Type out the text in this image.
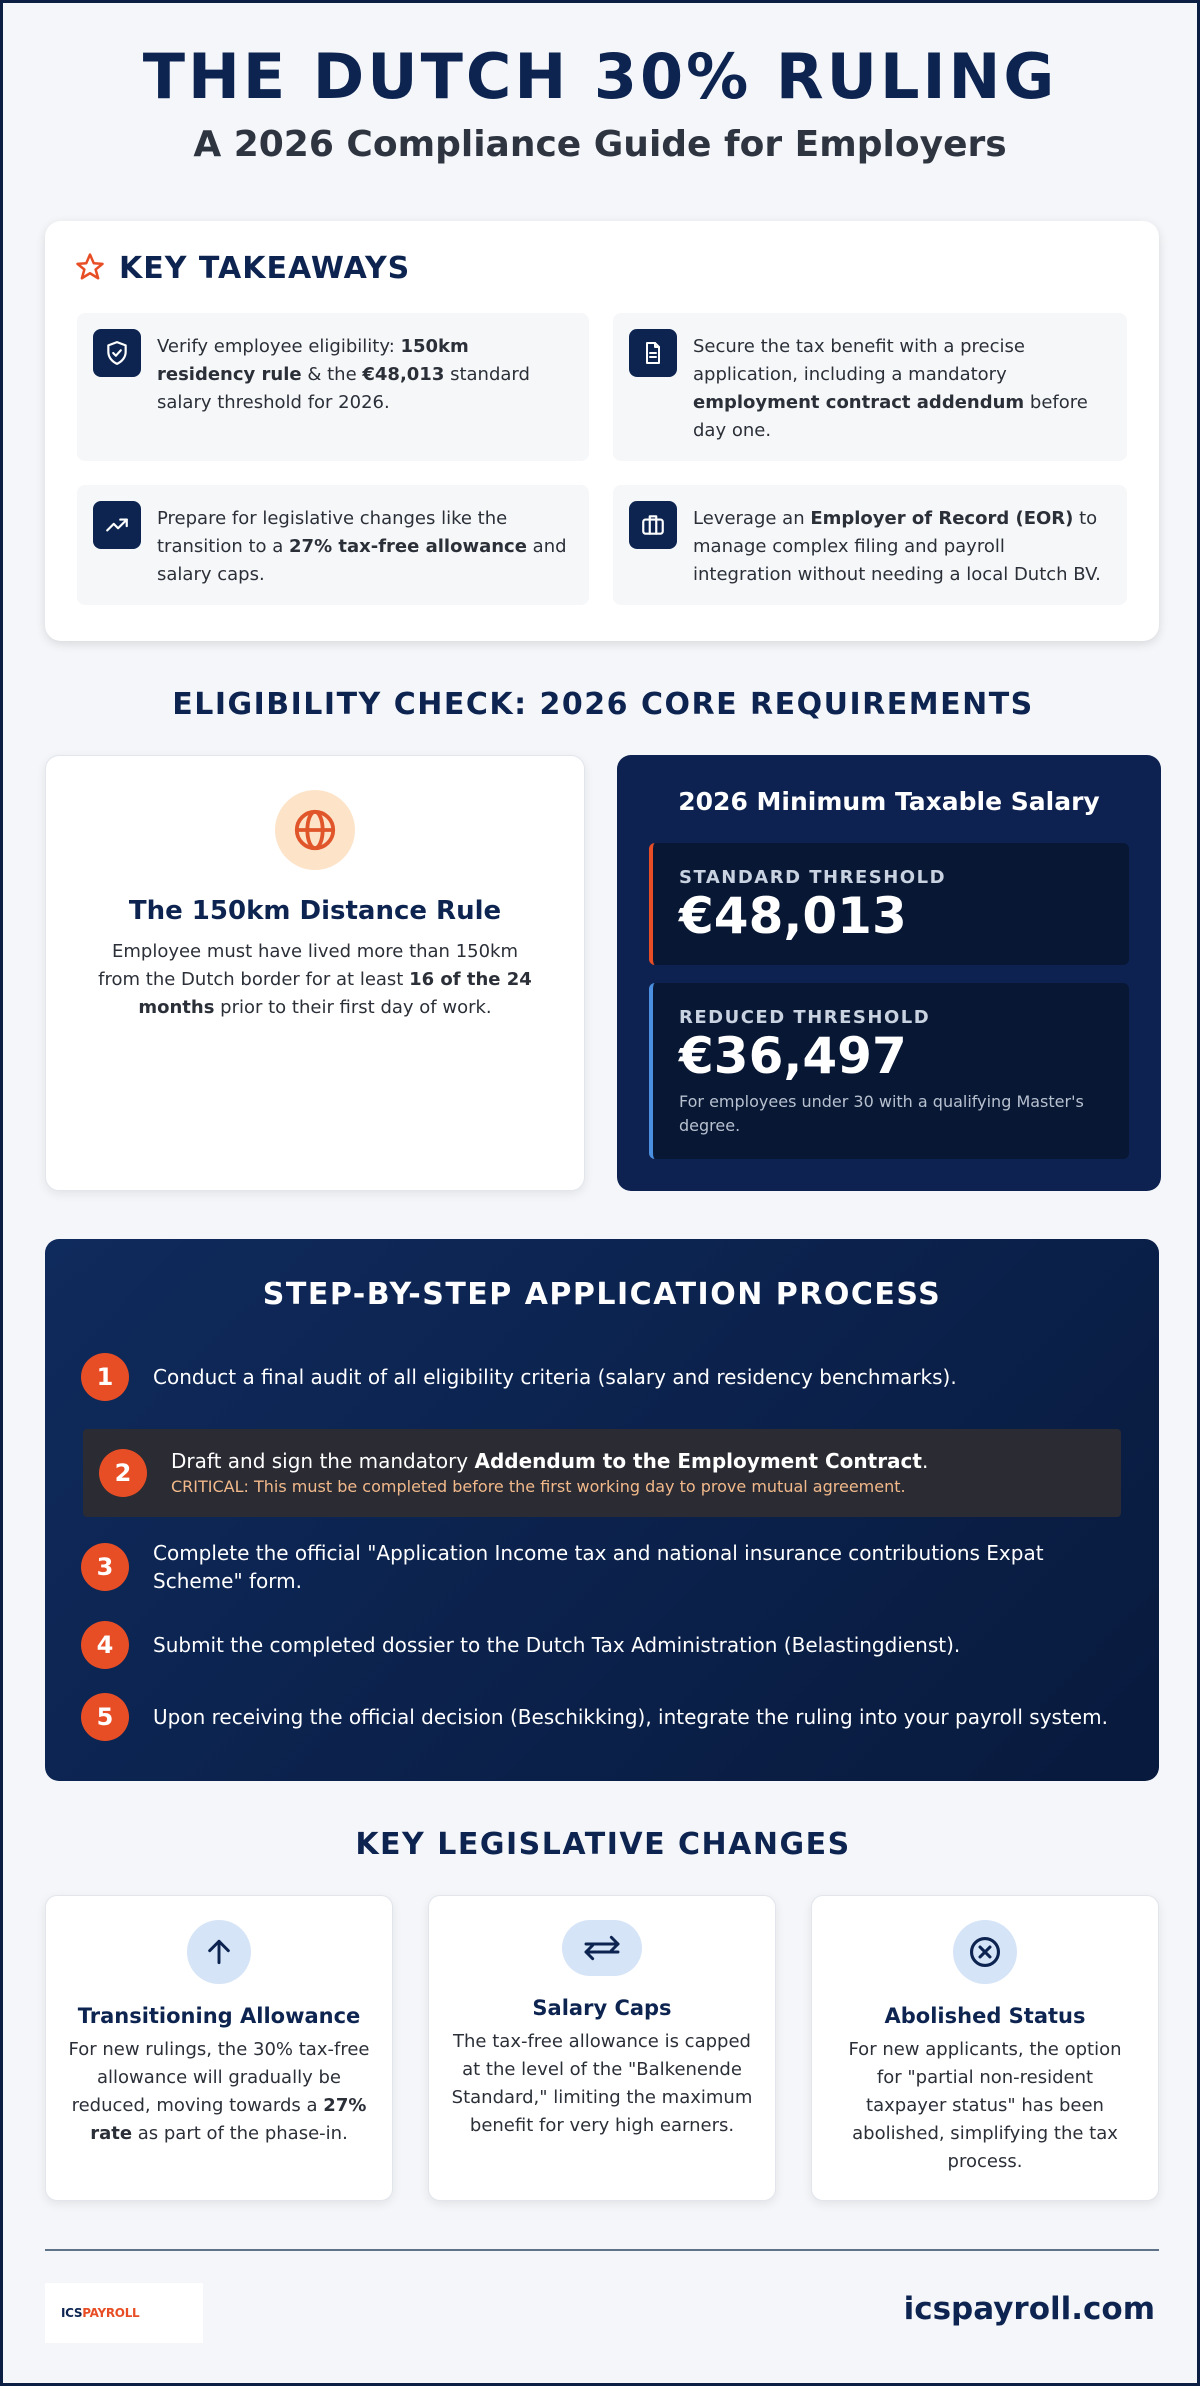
THE DUTCH 30% RULING
A 2026 Compliance Guide for Employers
KEY TAKEAWAYS
Verify employee eligibility: 150km residency rule & the €48,013 standard salary threshold for 2026.
Secure the tax benefit with a precise application, including a mandatory employment contract addendum before day one.
Prepare for legislative changes like the transition to a 27% tax-free allowance and salary caps.
Leverage an Employer of Record (EOR) to manage complex filing and payroll integration without needing a local Dutch BV.
ELIGIBILITY CHECK: 2026 CORE REQUIREMENTS
The 150km Distance Rule

Employee must have lived more than 150km from the Dutch border for at least 16 of the 24 months prior to their first day of work.

2026 Minimum Taxable Salary
STANDARD THRESHOLD
€48,013
REDUCED THRESHOLD
€36,497
For employees under 30 with a qualifying Master's degree.
STEP-BY-STEP APPLICATION PROCESS
1	Conduct a final audit of all eligibility criteria (salary and residency benchmarks).
2	Draft and sign the mandatory Addendum to the Employment Contract.
CRITICAL: This must be completed before the first working day to prove mutual agreement.
3	Complete the official "Application Income tax and national insurance contributions Expat Scheme" form.
4	Submit the completed dossier to the Dutch Tax Administration (Belastingdienst).
5	Upon receiving the official decision (Beschikking), integrate the ruling into your payroll system.
KEY LEGISLATIVE CHANGES
Transitioning Allowance

For new rulings, the 30% tax-free allowance will gradually be reduced, moving towards a 27% rate as part of the phase-in.

Salary Caps

The tax-free allowance is capped at the level of the "Balkenende Standard," limiting the maximum benefit for very high earners.

Abolished Status

For new applicants, the option for "partial non-resident taxpayer status" has been abolished, simplifying the tax process.

ICS PAYROLL	icspayroll.com
